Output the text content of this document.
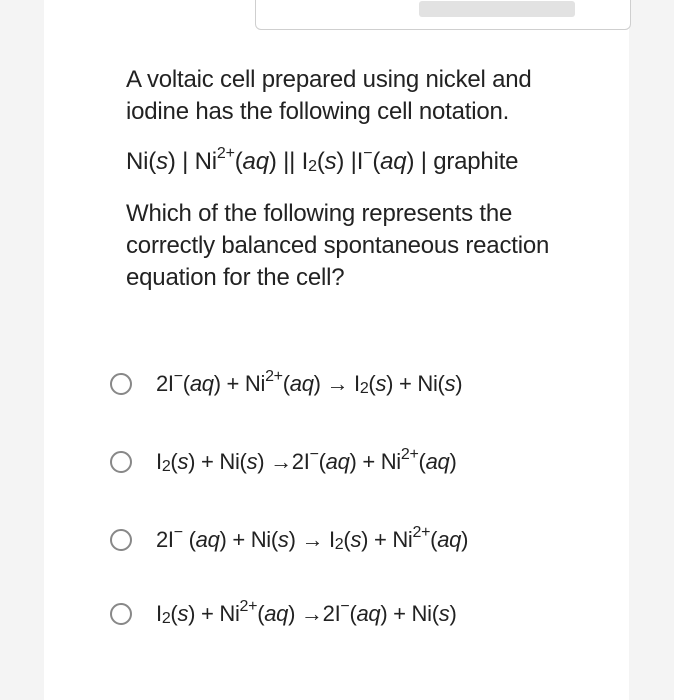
A voltaic cell prepared using nickel and iodine has the following cell notation.

Ni(s) | $Ni^{2+}(aq)$ || $I_2(s)$ |I−(aq) | graphite

Which of the following represents the correctly balanced spontaneous reaction equation for the cell?

$2I^-(aq) + Ni^{2+}(aq) \to I_2(s) + Ni(s)$
$I_2(s) + Ni(s) \to 2I^-(aq) + Ni^{2+}(aq)$
2I− $(aq) + Ni(s) \to I_2(s) + Ni^{2+}(aq)$
$I_2(s) + Ni^{2+}(aq) \to 2I^-(aq) + Ni(s)$
